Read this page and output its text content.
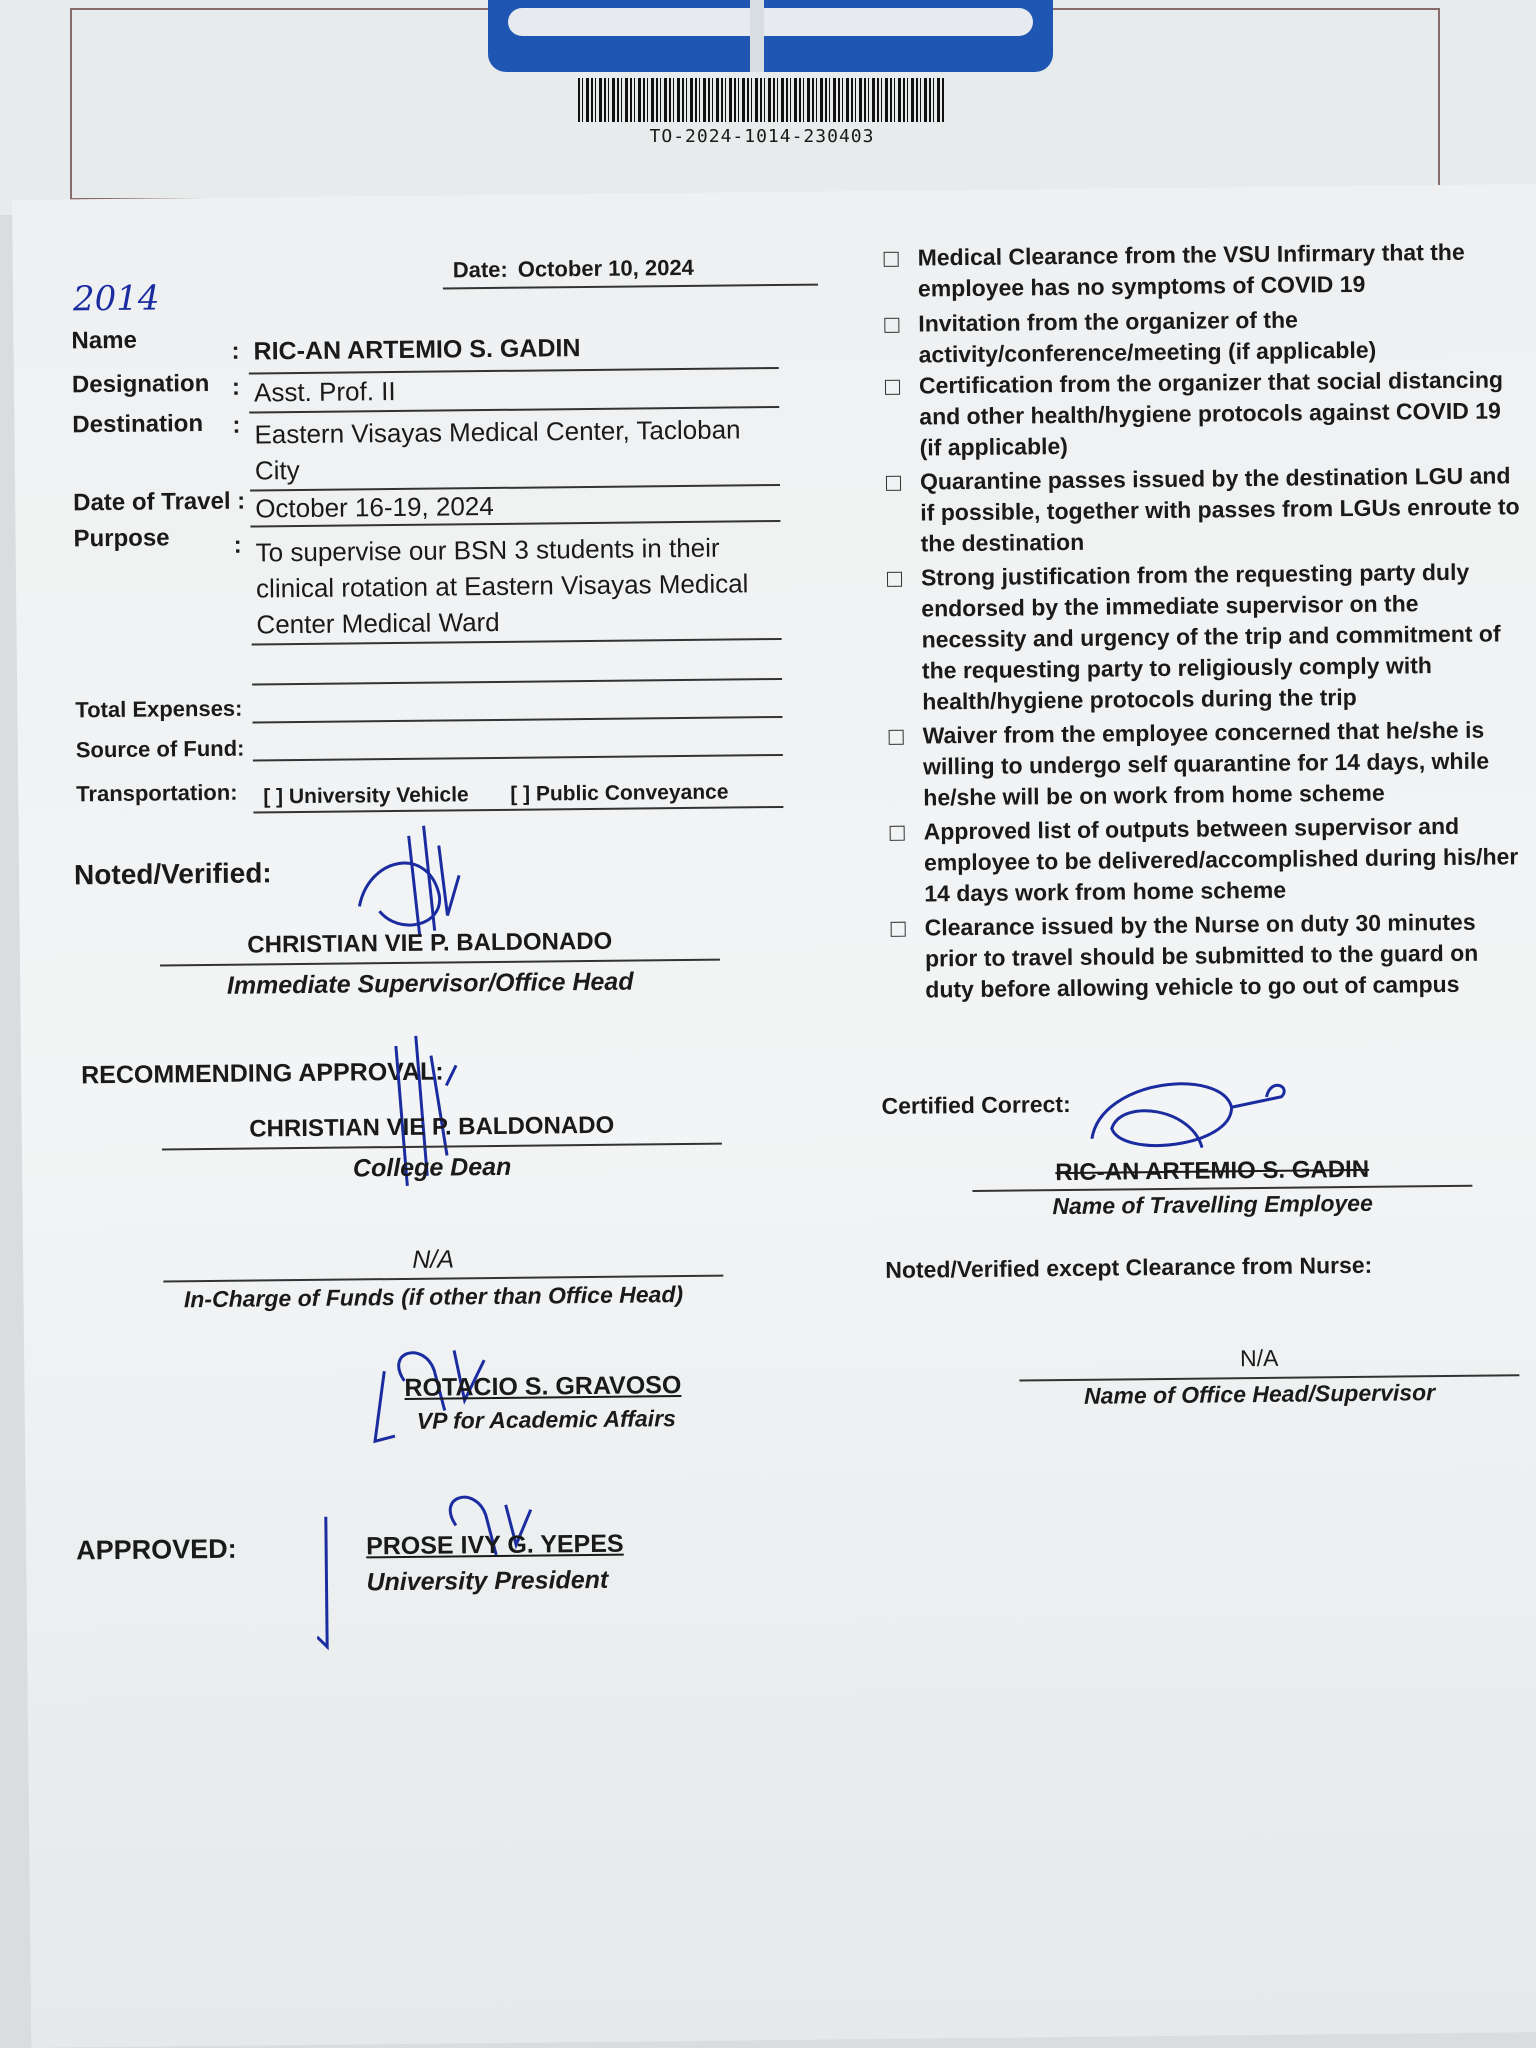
TO-2024-1014-230403
Date: October 10, 2024
2014
Name	: RIC-AN ARTEMIO S. GADIN
Designation : Asst. Prof. II
Destination : Eastern Visayas Medical Center, Tacloban
City
Date of Travel : October 16-19, 2024
Purpose	: To supervise our BSN 3 students in their
clinical rotation at Eastern Visayas Medical
Center Medical Ward
Total Expenses:
Source of Fund:
Transportation: [ ] University Vehicle [ ] Public Conveyance
Noted/Verified:
CHRISTIAN VIE P. BALDONADO
Immediate Supervisor/Office Head
RECOMMENDING APPROVAL:
CHRISTIAN VIE P. BALDONADO
College Dean
N/A
In-Charge of Funds (if other than Office Head)
ROTACIO S. GRAVOSO
VP for Academic Affairs
APPROVED:	PROSE IVY G. YEPES
University President
Medical Clearance from the VSU Infirmary that the employee has no symptoms of COVID 19
Invitation from the organizer of the activity/conference/meeting (if applicable)
Certification from the organizer that social distancing and other health/hygiene protocols against COVID 19 (if applicable)
Quarantine passes issued by the destination LGU and if possible, together with passes from LGUs enroute to the destination
Strong justification from the requesting party duly endorsed by the immediate supervisor on the necessity and urgency of the trip and commitment of the requesting party to religiously comply with health/hygiene protocols during the trip
Waiver from the employee concerned that he/she is willing to undergo self quarantine for 14 days, while he/she will be on work from home scheme
Approved list of outputs between supervisor and employee to be delivered/accomplished during his/her 14 days work from home scheme
Clearance issued by the Nurse on duty 30 minutes prior to travel should be submitted to the guard on duty before allowing vehicle to go out of campus
Certified Correct:
RIC-AN ARTEMIO S. GADIN
Name of Travelling Employee
Noted/Verified except Clearance from Nurse:
N/A
Name of Office Head/Supervisor
